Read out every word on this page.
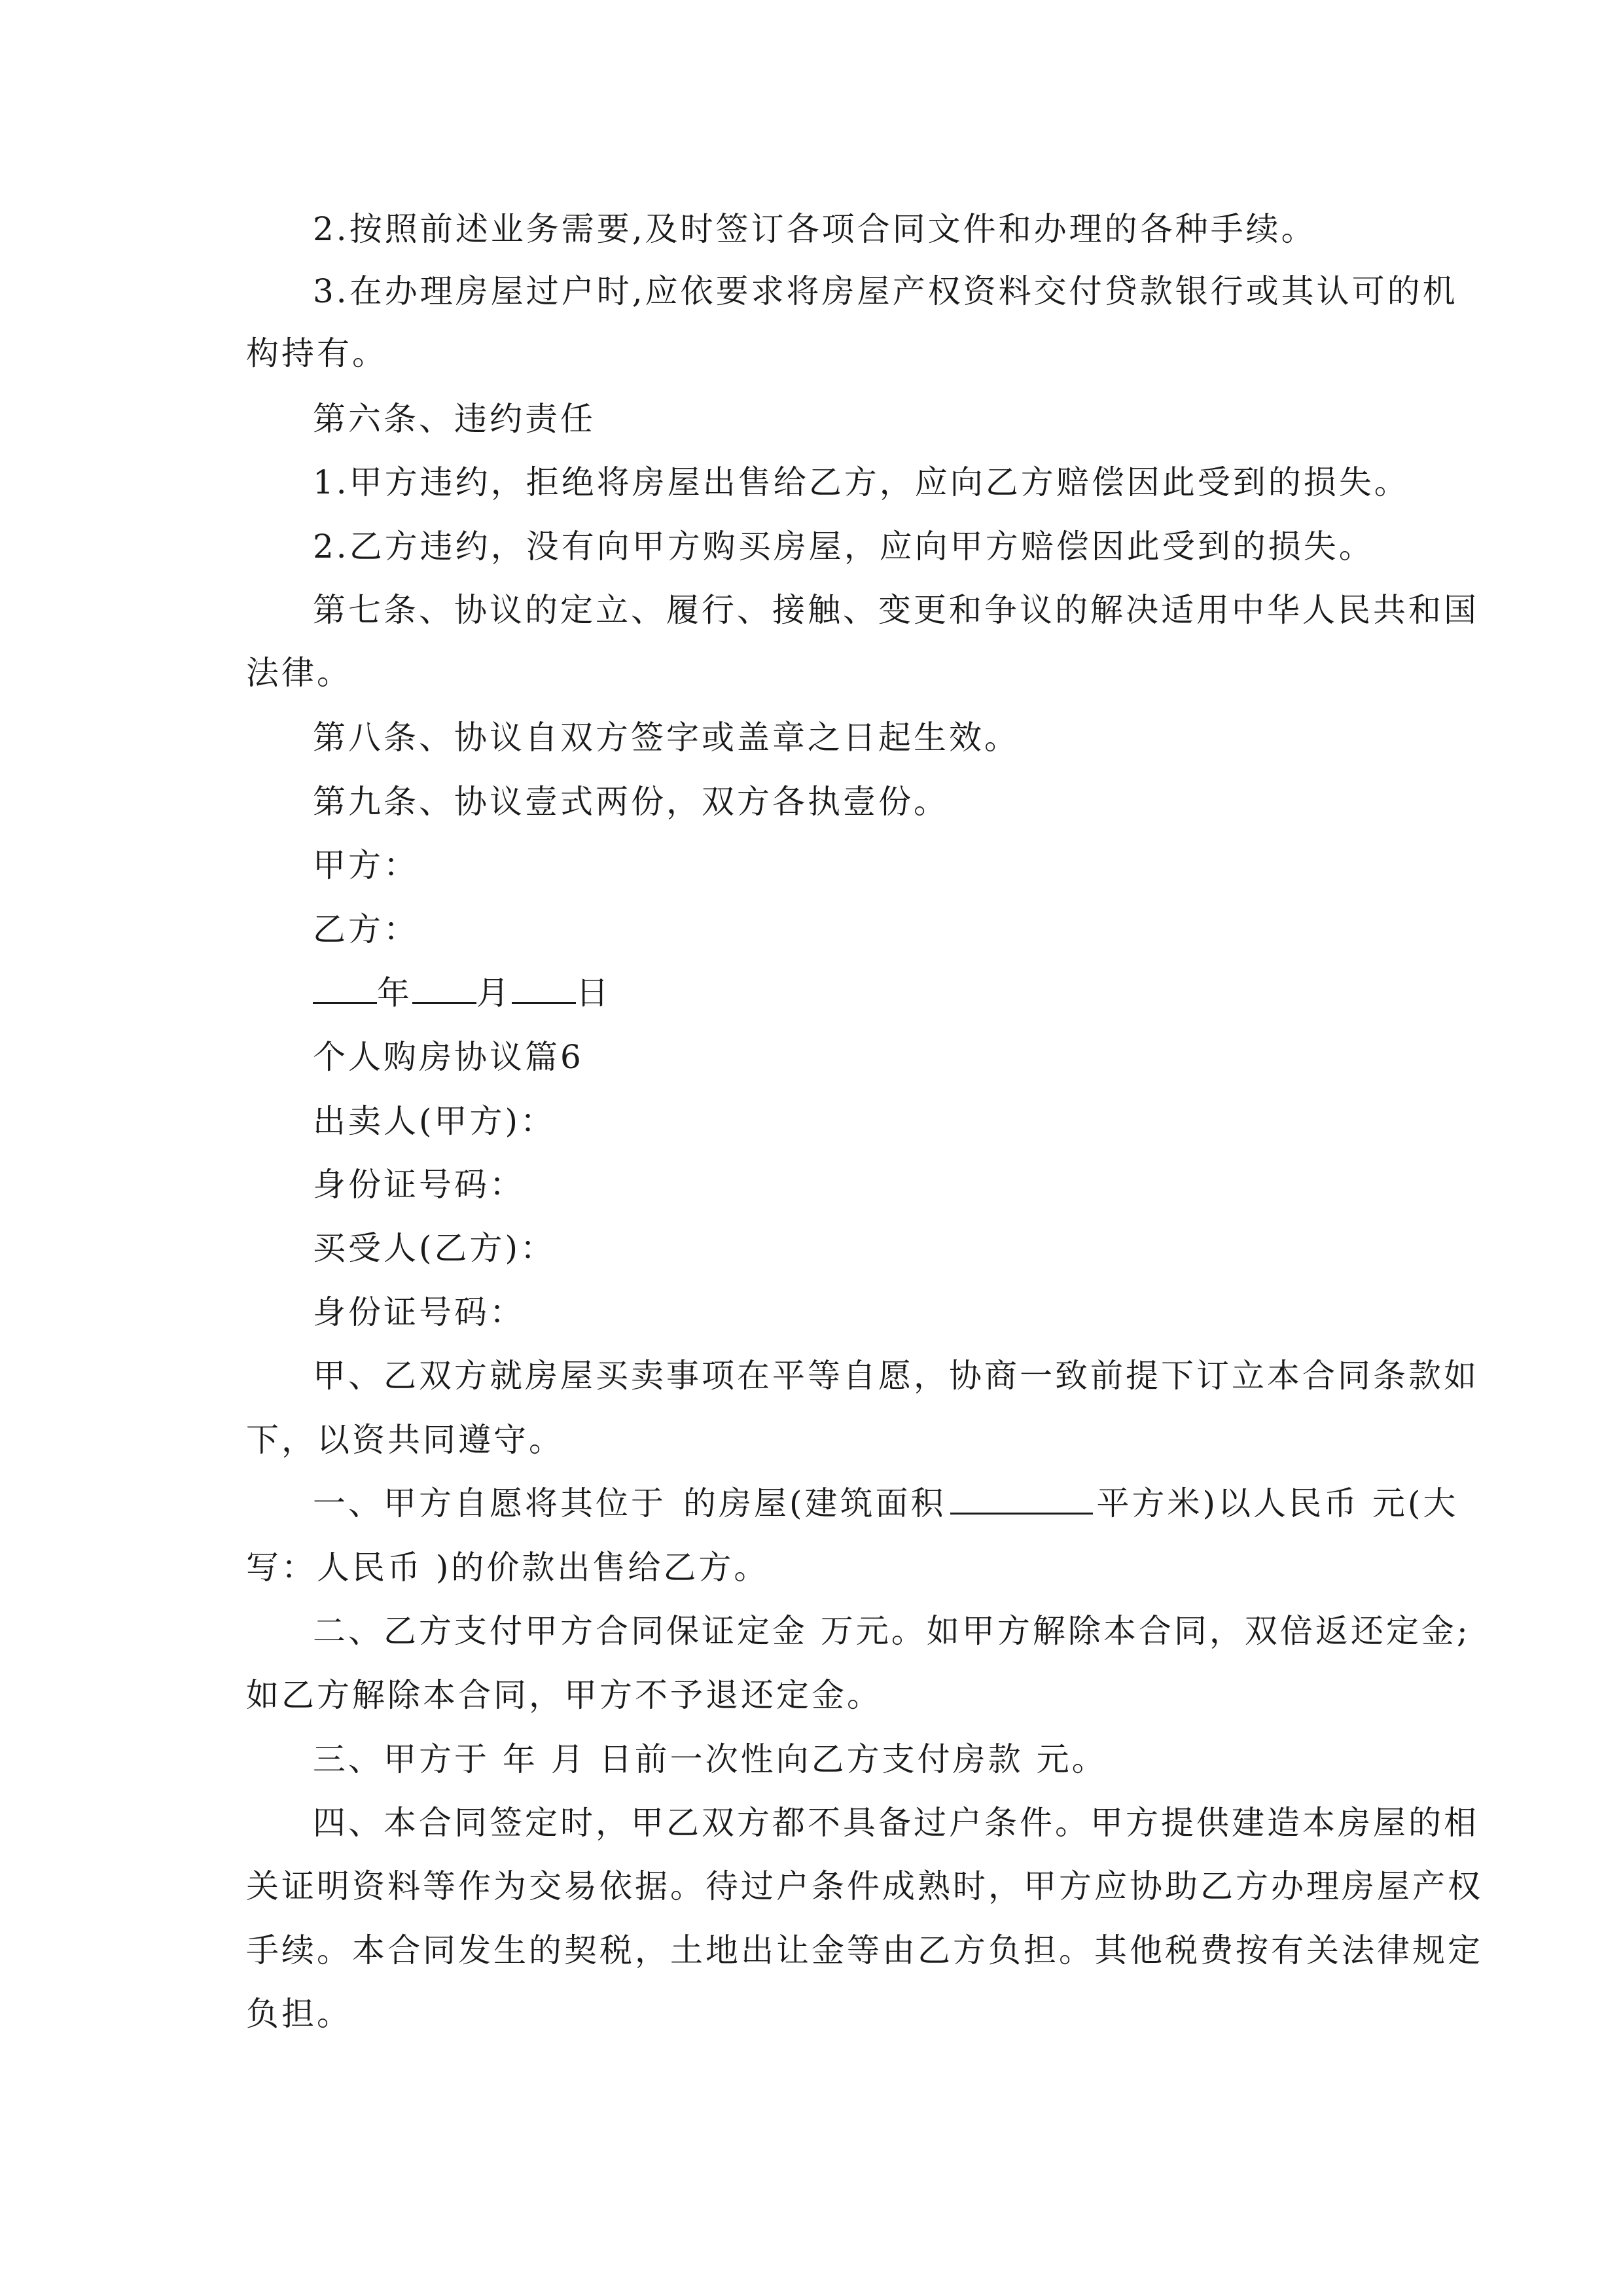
2.按照前述业务需要,及时签订各项合同文件和办理的各种手续。
3.在办理房屋过户时,应依要求将房屋产权资料交付贷款银行或其认可的机
构持有。
第六条、违约责任
1.甲方违约，拒绝将房屋出售给乙方，应向乙方赔偿因此受到的损失。
2.乙方违约，没有向甲方购买房屋，应向甲方赔偿因此受到的损失。
第七条、协议的定立、履行、接触、变更和争议的解决适用中华人民共和国
法律。
第八条、协议自双方签字或盖章之日起生效。
第九条、协议壹式两份，双方各执壹份。
甲方：
乙方：
年 月 日
个人购房协议篇6
出卖人(甲方)：
身份证号码：
买受人(乙方)：
身份证号码：
甲、乙双方就房屋买卖事项在平等自愿，协商一致前提下订立本合同条款如
下，以资共同遵守。
一、甲方自愿将其位于 的房屋(建筑面积	平方米)以人民币 元(大
写：人民币 )的价款出售给乙方。
二、乙方支付甲方合同保证定金 万元。如甲方解除本合同，双倍返还定金;
如乙方解除本合同，甲方不予退还定金。
三、甲方于 年 月 日前一次性向乙方支付房款 元。
四、本合同签定时，甲乙双方都不具备过户条件。甲方提供建造本房屋的相
关证明资料等作为交易依据。待过户条件成熟时，甲方应协助乙方办理房屋产权
手续。本合同发生的契税，土地出让金等由乙方负担。其他税费按有关法律规定
负担。
